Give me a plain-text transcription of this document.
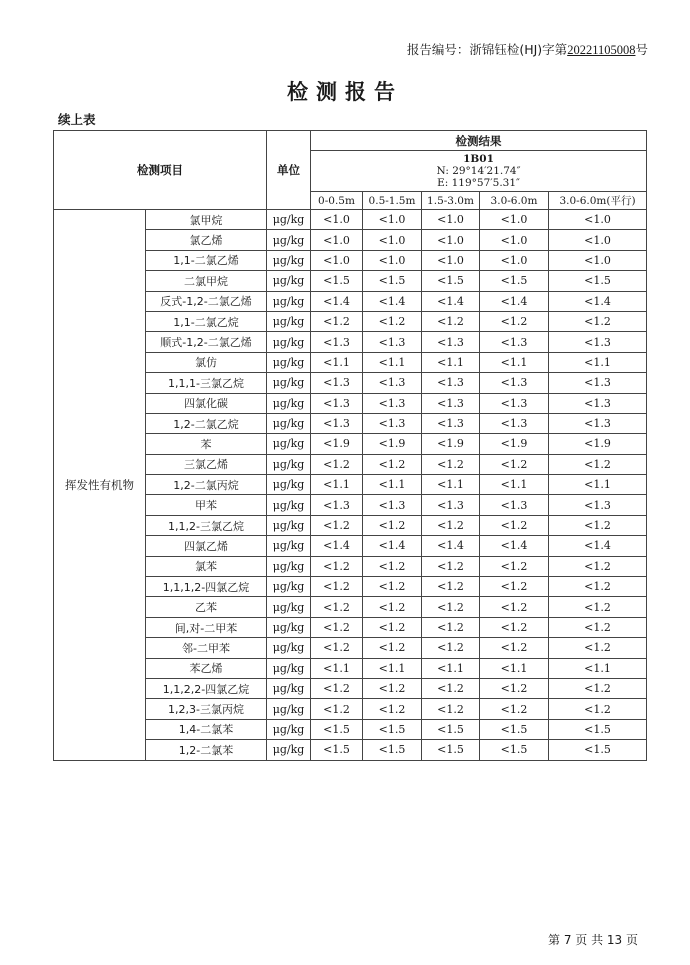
报告编号：浙锦钰检(HJ)字第20221105008号
检测报告
续上表
检测项目		单位	检测结果				

			1B01
N: 29°14′21.74″
E: 119°57′5.31″				

			0-0.5m	0.5-1.5m	1.5-3.0m	3.0-6.0m	3.0-6.0m(平行)
挥发性有机物	氯甲烷	μg/kg	<1.0	<1.0	<1.0	<1.0	<1.0
	氯乙烯	μg/kg	<1.0	<1.0	<1.0	<1.0	<1.0
	1,1-二氯乙烯	μg/kg	<1.0	<1.0	<1.0	<1.0	<1.0
	二氯甲烷	μg/kg	<1.5	<1.5	<1.5	<1.5	<1.5
	反式-1,2-二氯乙烯	μg/kg	<1.4	<1.4	<1.4	<1.4	<1.4
	1,1-二氯乙烷	μg/kg	<1.2	<1.2	<1.2	<1.2	<1.2
	顺式-1,2-二氯乙烯	μg/kg	<1.3	<1.3	<1.3	<1.3	<1.3
	氯仿	μg/kg	<1.1	<1.1	<1.1	<1.1	<1.1
	1,1,1-三氯乙烷	μg/kg	<1.3	<1.3	<1.3	<1.3	<1.3
	四氯化碳	μg/kg	<1.3	<1.3	<1.3	<1.3	<1.3
	1,2-二氯乙烷	μg/kg	<1.3	<1.3	<1.3	<1.3	<1.3
	苯	μg/kg	<1.9	<1.9	<1.9	<1.9	<1.9
	三氯乙烯	μg/kg	<1.2	<1.2	<1.2	<1.2	<1.2
	1,2-二氯丙烷	μg/kg	<1.1	<1.1	<1.1	<1.1	<1.1
	甲苯	μg/kg	<1.3	<1.3	<1.3	<1.3	<1.3
	1,1,2-三氯乙烷	μg/kg	<1.2	<1.2	<1.2	<1.2	<1.2
	四氯乙烯	μg/kg	<1.4	<1.4	<1.4	<1.4	<1.4
	氯苯	μg/kg	<1.2	<1.2	<1.2	<1.2	<1.2
	1,1,1,2-四氯乙烷	μg/kg	<1.2	<1.2	<1.2	<1.2	<1.2
	乙苯	μg/kg	<1.2	<1.2	<1.2	<1.2	<1.2
	间,对-二甲苯	μg/kg	<1.2	<1.2	<1.2	<1.2	<1.2
	邻-二甲苯	μg/kg	<1.2	<1.2	<1.2	<1.2	<1.2
	苯乙烯	μg/kg	<1.1	<1.1	<1.1	<1.1	<1.1
	1,1,2,2-四氯乙烷	μg/kg	<1.2	<1.2	<1.2	<1.2	<1.2
	1,2,3-三氯丙烷	μg/kg	<1.2	<1.2	<1.2	<1.2	<1.2
	1,4-二氯苯	μg/kg	<1.5	<1.5	<1.5	<1.5	<1.5
	1,2-二氯苯	μg/kg	<1.5	<1.5	<1.5	<1.5	<1.5
第 7 页 共 13 页
